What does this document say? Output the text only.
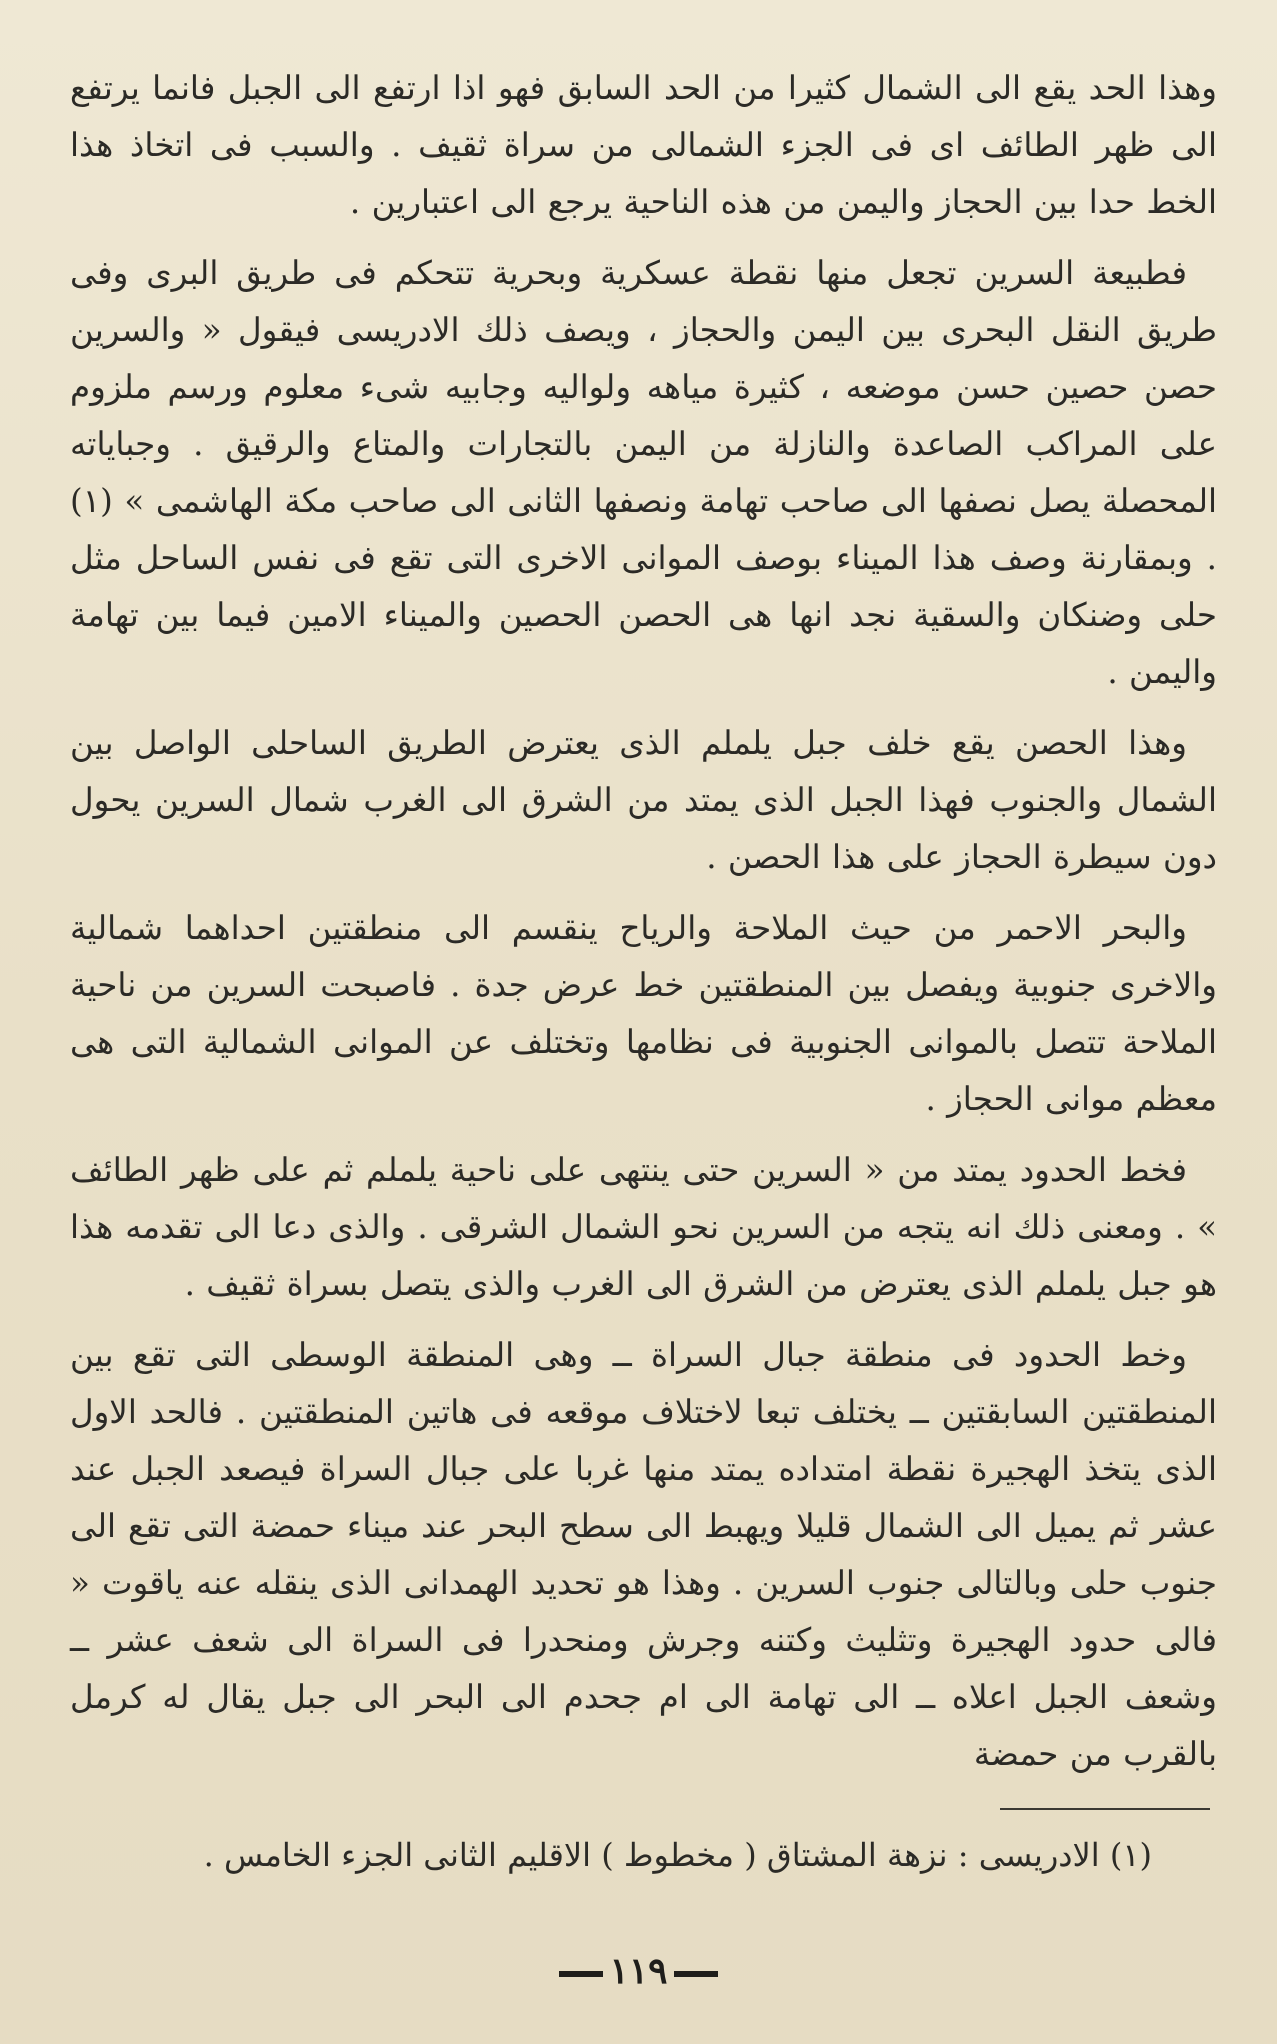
وهذا الحد يقع الى الشمال كثيرا من الحد السابق فهو اذا ارتفع الى الجبل فانما يرتفع الى ظهر الطائف اى فى الجزء الشمالى من سراة ثقيف . والسبب فى اتخاذ هذا الخط حدا بين الحجاز واليمن من هذه الناحية يرجع الى اعتبارين .

فطبيعة السرين تجعل منها نقطة عسكرية وبحرية تتحكم فى طريق البرى وفى طريق النقل البحرى بين اليمن والحجاز ، ويصف ذلك الادريسى فيقول « والسرين حصن حصين حسن موضعه ، كثيرة مياهه ولواليه وجابيه شىء معلوم ورسم ملزوم على المراكب الصاعدة والنازلة من اليمن بالتجارات والمتاع والرقيق . وجباياته المحصلة يصل نصفها الى صاحب تهامة ونصفها الثانى الى صاحب مكة الهاشمى » (١) . وبمقارنة وصف هذا الميناء بوصف الموانى الاخرى التى تقع فى نفس الساحل مثل حلى وضنكان والسقية نجد انها هى الحصن الحصين والميناء الامين فيما بين تهامة واليمن .

وهذا الحصن يقع خلف جبل يلملم الذى يعترض الطريق الساحلى الواصل بين الشمال والجنوب فهذا الجبل الذى يمتد من الشرق الى الغرب شمال السرين يحول دون سيطرة الحجاز على هذا الحصن .

والبحر الاحمر من حيث الملاحة والرياح ينقسم الى منطقتين احداهما شمالية والاخرى جنوبية ويفصل بين المنطقتين خط عرض جدة . فاصبحت السرين من ناحية الملاحة تتصل بالموانى الجنوبية فى نظامها وتختلف عن الموانى الشمالية التى هى معظم موانى الحجاز .

فخط الحدود يمتد من « السرين حتى ينتهى على ناحية يلملم ثم على ظهر الطائف » . ومعنى ذلك انه يتجه من السرين نحو الشمال الشرقى . والذى دعا الى تقدمه هذا هو جبل يلملم الذى يعترض من الشرق الى الغرب والذى يتصل بسراة ثقيف .

وخط الحدود فى منطقة جبال السراة ــ وهى المنطقة الوسطى التى تقع بين المنطقتين السابقتين ــ يختلف تبعا لاختلاف موقعه فى هاتين المنطقتين . فالحد الاول الذى يتخذ الهجيرة نقطة امتداده يمتد منها غربا على جبال السراة فيصعد الجبل عند عشر ثم يميل الى الشمال قليلا ويهبط الى سطح البحر عند ميناء حمضة التى تقع الى جنوب حلى وبالتالى جنوب السرين . وهذا هو تحديد الهمدانى الذى ينقله عنه ياقوت « فالى حدود الهجيرة وتثليث وكتنه وجرش ومنحدرا فى السراة الى شعف عشر ــ وشعف الجبل اعلاه ــ الى تهامة الى ام جحدم الى البحر الى جبل يقال له كرمل بالقرب من حمضة

(١) الادريسى : نزهة المشتاق ( مخطوط ) الاقليم الثانى الجزء الخامس .

١١٩
